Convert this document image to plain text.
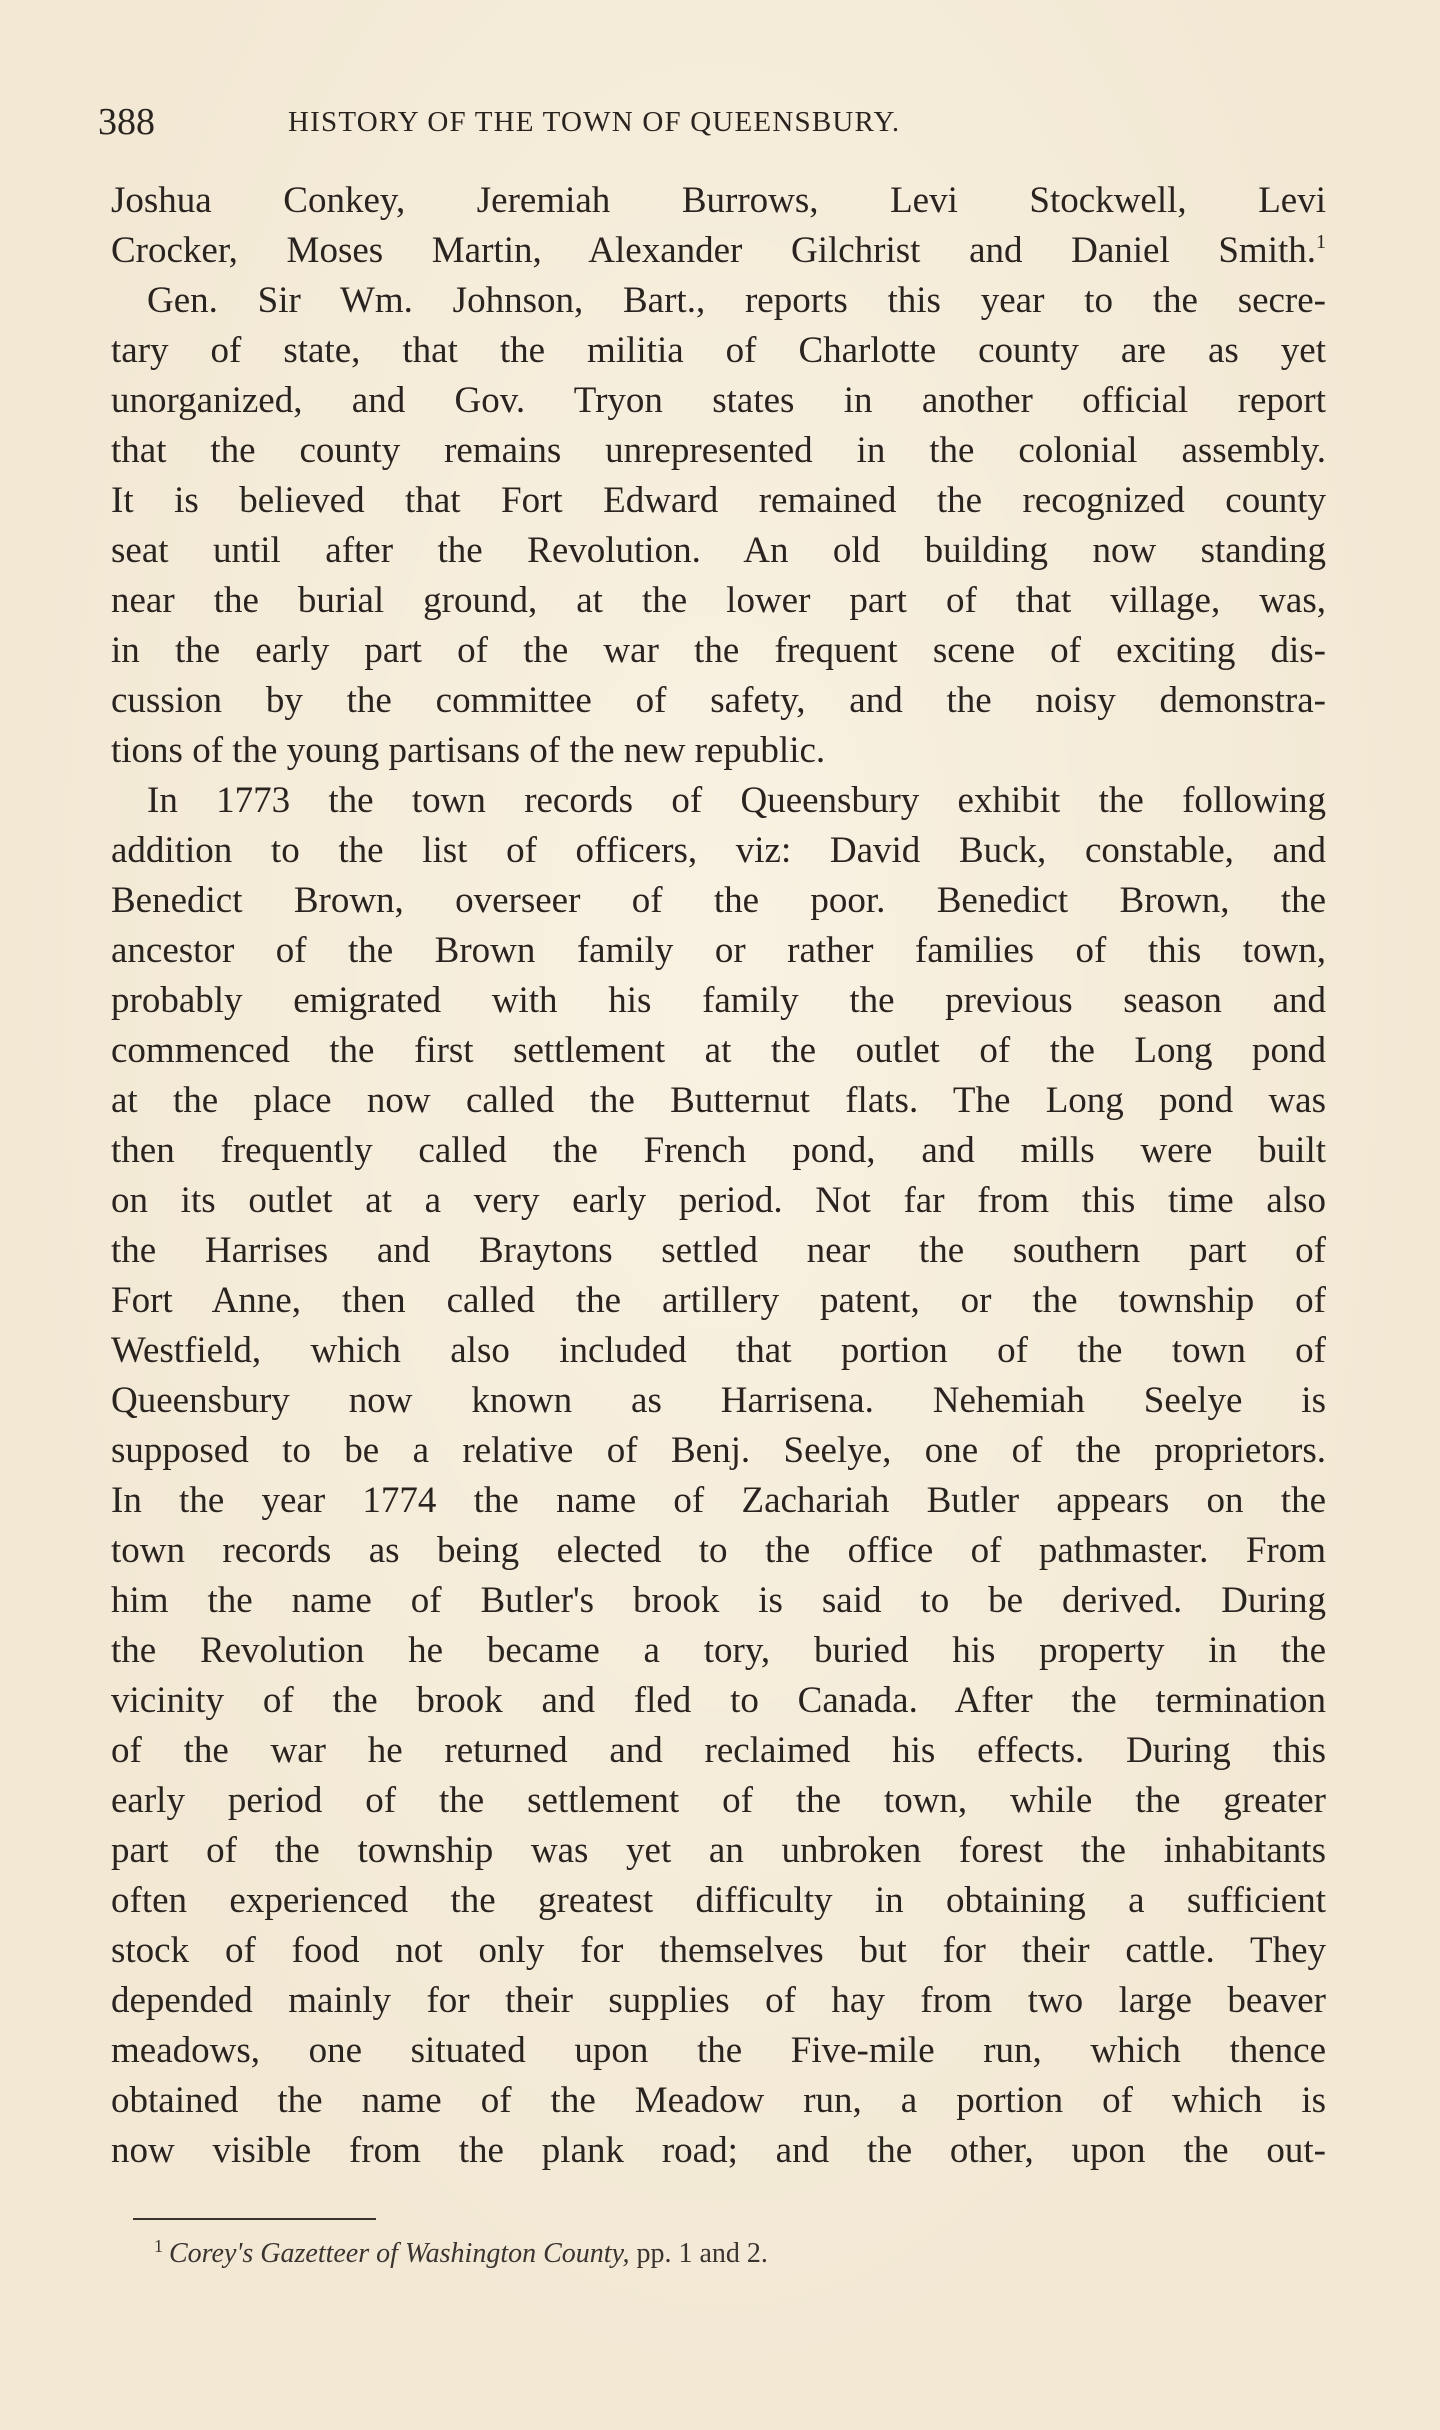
388	HISTORY OF THE TOWN OF QUEENSBURY.
Joshua Conkey, Jeremiah Burrows, Levi Stockwell, Levi
Crocker, Moses Martin, Alexander Gilchrist and Daniel Smith.$^1$
Gen. Sir Wm. Johnson, Bart., reports this year to the secre-
tary of state, that the militia of Charlotte county are as yet
unorganized, and Gov. Tryon states in another official report
that the county remains unrepresented in the colonial assembly.
It is believed that Fort Edward remained the recognized county
seat until after the Revolution. An old building now standing
near the burial ground, at the lower part of that village, was,
in the early part of the war the frequent scene of exciting dis-
cussion by the committee of safety, and the noisy demonstra-
tions of the young partisans of the new republic.
In 1773 the town records of Queensbury exhibit the following
addition to the list of officers, viz: David Buck, constable, and
Benedict Brown, overseer of the poor. Benedict Brown, the
ancestor of the Brown family or rather families of this town,
probably emigrated with his family the previous season and
commenced the first settlement at the outlet of the Long pond
at the place now called the Butternut flats. The Long pond was
then frequently called the French pond, and mills were built
on its outlet at a very early period. Not far from this time also
the Harrises and Braytons settled near the southern part of
Fort Anne, then called the artillery patent, or the township of
Westfield, which also included that portion of the town of
Queensbury now known as Harrisena. Nehemiah Seelye is
supposed to be a relative of Benj. Seelye, one of the proprietors.
In the year 1774 the name of Zachariah Butler appears on the
town records as being elected to the office of pathmaster. From
him the name of Butler's brook is said to be derived. During
the Revolution he became a tory, buried his property in the
vicinity of the brook and fled to Canada. After the termination
of the war he returned and reclaimed his effects. During this
early period of the settlement of the town, while the greater
part of the township was yet an unbroken forest the inhabitants
often experienced the greatest difficulty in obtaining a sufficient
stock of food not only for themselves but for their cattle. They
depended mainly for their supplies of hay from two large beaver
meadows, one situated upon the Five-mile run, which thence
obtained the name of the Meadow run, a portion of which is
now visible from the plank road; and the other, upon the out-
$^1$ Corey's Gazetteer of Washington County, pp. 1 and 2.
